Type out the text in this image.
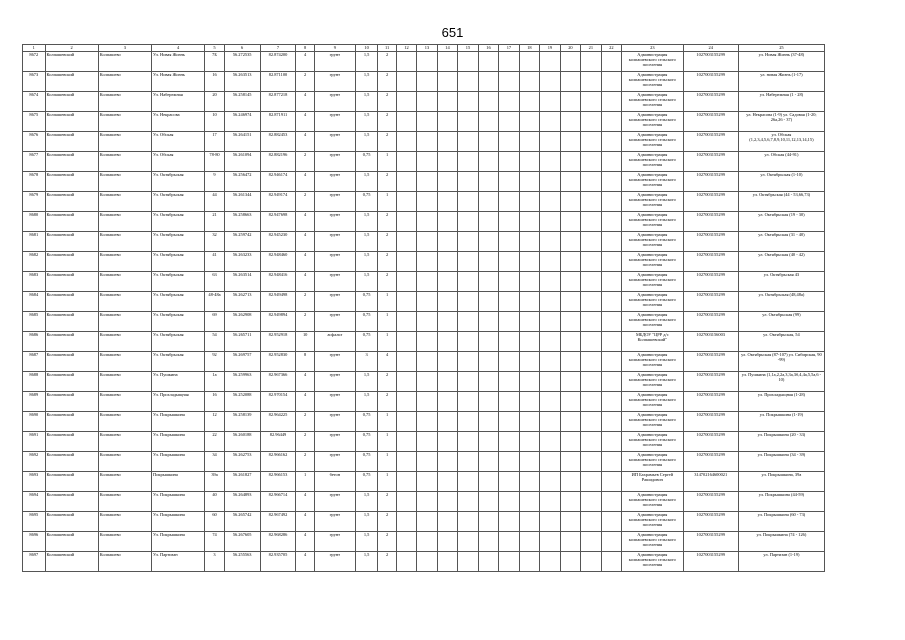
651
1	2	3	4	5	6	7	8	9	10	11	12	13	14	15	16	17	18	19	20	21	22	23	24	25
8672	Колпашевский	Колпашево	Ул. Новая Жизнь	7Б	56.272535	82.874200	4	грунт	1,5	2												Администрация колпашевского сельского поселения	1027003155299	ул. Новая Жизнь (37-48)
8673	Колпашевский	Колпашево	Ул. Новая Жизнь	16	56.263513	82.871100	2	грунт	1,5	2												Администрация колпашевского сельского поселения	1027003155299	ул. новая Жизнь (1-17)
8674	Колпашевский	Колпашево	Ул. Набережная	20	56.258145	82.877218	4	грунт	1,5	2												Администрация колпашевского сельского поселения	1027003155299	ул. Набережная (1 - 28)
8675	Колпашевский	Колпашево	Ул. Некрасова	10	56.246974	82.871911	4	грунт	1,5	2												Администрация колпашевского сельского поселения	1027003155299	ул. Некрасова (1-9) ул. Садовая (1-20; 26а,26 - 37)
8676	Колпашевский	Колпашево	Ул. Обская	17	56.264151	82.882453	4	грунт	1,5	2												Администрация колпашевского сельского поселения	1027003155299	ул. Обская (1,2,3,4,5,6,7,8,9,10,11,12,13,14,15)
8677	Колпашевский	Колпашево	Ул. Обская	78-80	56.261094	82.882196	2	грунт	0,75	1												Администрация колпашевского сельского поселения	1027003155299	ул. Обская (44-91)
8678	Колпашевский	Колпашево	Ул. Октябрьская	9	56.256472	82.946174	4	грунт	1,5	2												Администрация колпашевского сельского поселения	1027003155299	ул. Октябрьская (1-10)
8679	Колпашевский	Колпашево	Ул. Октябрьская	44	56.261344	82.949174	2	грунт	0,75	1												Администрация колпашевского сельского поселения	1027003155299	ул. Октябрьская (44 - 53,66,73)
8680	Колпашевский	Колпашево	Ул. Октябрьская	21	56.258663	82.947698	4	грунт	1,5	2												Администрация колпашевского сельского поселения	1027003155299	ул. Октябрьская (19 - 30)
8681	Колпашевский	Колпашево	Ул. Октябрьская	32	56.259742	82.945230	4	грунт	1,5	2												Администрация колпашевского сельского поселения	1027003155299	ул. Октябрьская (31 - 40)
8682	Колпашевский	Колпашево	Ул. Октябрьская	41	56.263233	82.948460	4	грунт	1,5	2												Администрация колпашевского сельского поселения	1027003155299	ул. Октябрьская (40 - 42)
8683	Колпашевский	Колпашево	Ул. Октябрьская	63	56.263514	82.948416	4	грунт	1,5	2												Администрация колпашевского сельского поселения	1027003155299	ул. Октябрьская 43
8684	Колпашевский	Колпашево	Ул. Октябрьская	48-48а	56.262713	82.949498	2	грунт	0,75	1												Администрация колпашевского сельского поселения	1027003155299	ул. Октябрьская (48,48а)
8685	Колпашевский	Колпашево	Ул. Октябрьская	69	56.262908	82.949894	2	грунт	0,75	1												Администрация колпашевского сельского поселения	1027003155299	ул. Октябрьская (99)
8686	Колпашевский	Колпашево	Ул. Октябрьская	54	56.265711	82.952918	10	асфальт	0,75	1												МБДОУ "ЦРР д/с Колпашевский"	1027003156003	ул. Октябрьская, 54
8687	Колпашевский	Колпашево	Ул. Октябрьская	92	56.269757	82.952830	8	грунт	3	4												Администрация колпашевского сельского поселения	1027003155299	ул. Октябрьская (87-107) ул. Сибирская, 90 -99)
8688	Колпашевский	Колпашево	Ул. Пушкина	1а	56.259963	82.967366	4	грунт	1,5	2												Администрация колпашевского сельского поселения	1027003155299	ул. Пушкина (1,1а,2,2а,3,3а,3б,4,4а,5,5а,6 - 10)
8689	Колпашевский	Колпашево	Ул. Прохладыщная	16	56.252088	82.970154	4	грунт	1,5	2												Администрация колпашевского сельского поселения	1027003155299	ул. Прохладыщная (1-28)
8690	Колпашевский	Колпашево	Ул. Покрышкина	12	56.258139	82.964225	2	грунт	0,75	1												Администрация колпашевского сельского поселения	1027003155299	ул. Покрышкина (1-19)
8691	Колпашевский	Колпашево	Ул. Покрышкина	22	56.260188	82.96449	2	грунт	0,75	1												Администрация колпашевского сельского поселения	1027003155299	ул. Покрышкина (20 - 33)
8692	Колпашевский	Колпашево	Ул. Покрышкина	34	56.262753	82.966162	2	грунт	0,75	1												Администрация колпашевского сельского поселения	1027003155299	ул. Покрышкина (34 - 39)
8693	Колпашевский	Колпашево	Покрышкина	39а	56.261827	82.966153	1	бетон	0,75	1												ИП Бахрамьев Сергей Рашидович	314702164600021	ул. Покрышкина, 39а
8694	Колпашевский	Колпашево	Ул. Покрышкина	40	56.264893	82.966714	4	грунт	1,5	2												Администрация колпашевского сельского поселения	1027003155299	ул. Покрышкина (44-59)
8695	Колпашевский	Колпашево	Ул. Покрышкина	60	56.265742	82.967492	4	грунт	1,5	2												Администрация колпашевского сельского поселения	1027003155299	ул. Покрышкина (60 - 73)
8696	Колпашевский	Колпашево	Ул. Покрышкина	74	56.267605	82.968286	4	грунт	1,5	2												Администрация колпашевского сельского поселения	1027003155299	ул. Покрышкина (74 - 126)
8697	Колпашевский	Колпашево	Ул. Партизан	3	56.255563	82.935705	4	грунт	1,5	2												Администрация колпашевского сельского поселения	1027003155299	ул. Партизан (1-19)
